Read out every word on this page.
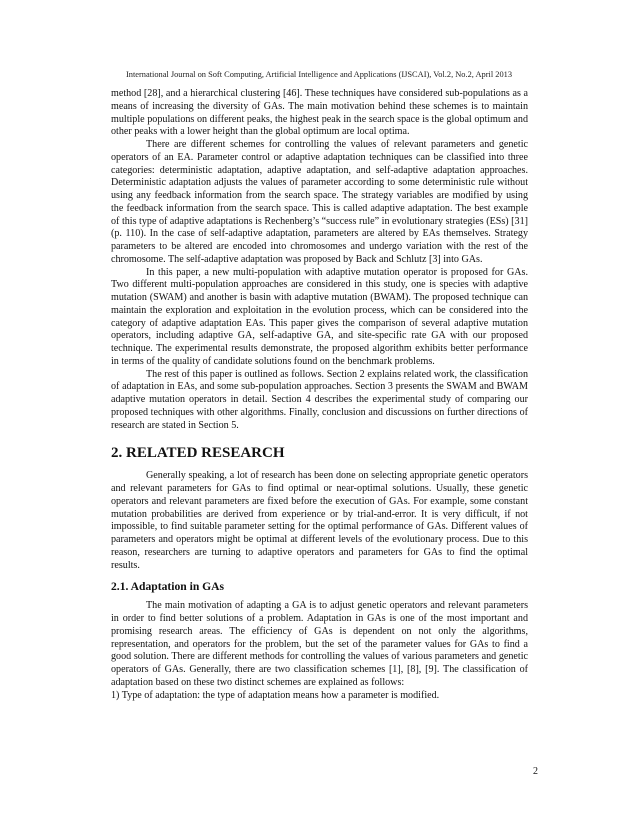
International Journal on Soft Computing, Artificial Intelligence and Applications (IJSCAI), Vol.2, No.2, April 2013

method [28], and a hierarchical clustering [46]. These techniques have considered sub-populations as a means of increasing the diversity of GAs. The main motivation behind these schemes is to maintain multiple populations on different peaks, the highest peak in the search space is the global optimum and other peaks with a lower height than the global optimum are local optima.

There are different schemes for controlling the values of relevant parameters and genetic operators of an EA. Parameter control or adaptive adaptation techniques can be classified into three categories: deterministic adaptation, adaptive adaptation, and self-adaptive adaptation approaches. Deterministic adaptation adjusts the values of parameter according to some deterministic rule without using any feedback information from the search space. The strategy variables are modified by using the feedback information from the search space. This is called adaptive adaptation. The best example of this type of adaptive adaptations is Rechenberg’s “success rule” in evolutionary strategies (ESs) [31] (p. 110). In the case of self-adaptive adaptation, parameters are altered by EAs themselves. Strategy parameters to be altered are encoded into chromosomes and undergo variation with the rest of the chromosome. The self-adaptive adaptation was proposed by Back and Schlutz [3] into GAs.

In this paper, a new multi-population with adaptive mutation operator is proposed for GAs. Two different multi-population approaches are considered in this study, one is species with adaptive mutation (SWAM) and another is basin with adaptive mutation (BWAM). The proposed technique can maintain the exploration and exploitation in the evolution process, which can be considered into the category of adaptive adaptation EAs. This paper gives the comparison of several adaptive mutation operators, including adaptive GA, self-adaptive GA, and site-specific rate GA with our proposed technique. The experimental results demonstrate, the proposed algorithm exhibits better performance in terms of the quality of candidate solutions found on the benchmark problems.

The rest of this paper is outlined as follows. Section 2 explains related work, the classification of adaptation in EAs, and some sub-population approaches. Section 3 presents the SWAM and BWAM adaptive mutation operators in detail. Section 4 describes the experimental study of comparing our proposed techniques with other algorithms. Finally, conclusion and discussions on further directions of research are stated in Section 5.

2. RELATED RESEARCH

Generally speaking, a lot of research has been done on selecting appropriate genetic operators and relevant parameters for GAs to find optimal or near-optimal solutions. Usually, these genetic operators and relevant parameters are fixed before the execution of GAs. For example, some constant mutation probabilities are derived from experience or by trial-and-error. It is very difficult, if not impossible, to find suitable parameter setting for the optimal performance of GAs. Different values of parameters and operators might be optimal at different levels of the evolutionary process. Due to this reason, researchers are turning to adaptive operators and parameters for GAs to find the optimal results.

2.1. Adaptation in GAs

The main motivation of adapting a GA is to adjust genetic operators and relevant parameters in order to find better solutions of a problem. Adaptation in GAs is one of the most important and promising research areas. The efficiency of GAs is dependent on not only the algorithms, representation, and operators for the problem, but the set of the parameter values for GAs to find a good solution. There are different methods for controlling the values of various parameters and genetic operators of GAs. Generally, there are two classification schemes [1], [8], [9]. The classification of adaptation based on these two distinct schemes are explained as follows:

1) Type of adaptation: the type of adaptation means how a parameter is modified.

2
